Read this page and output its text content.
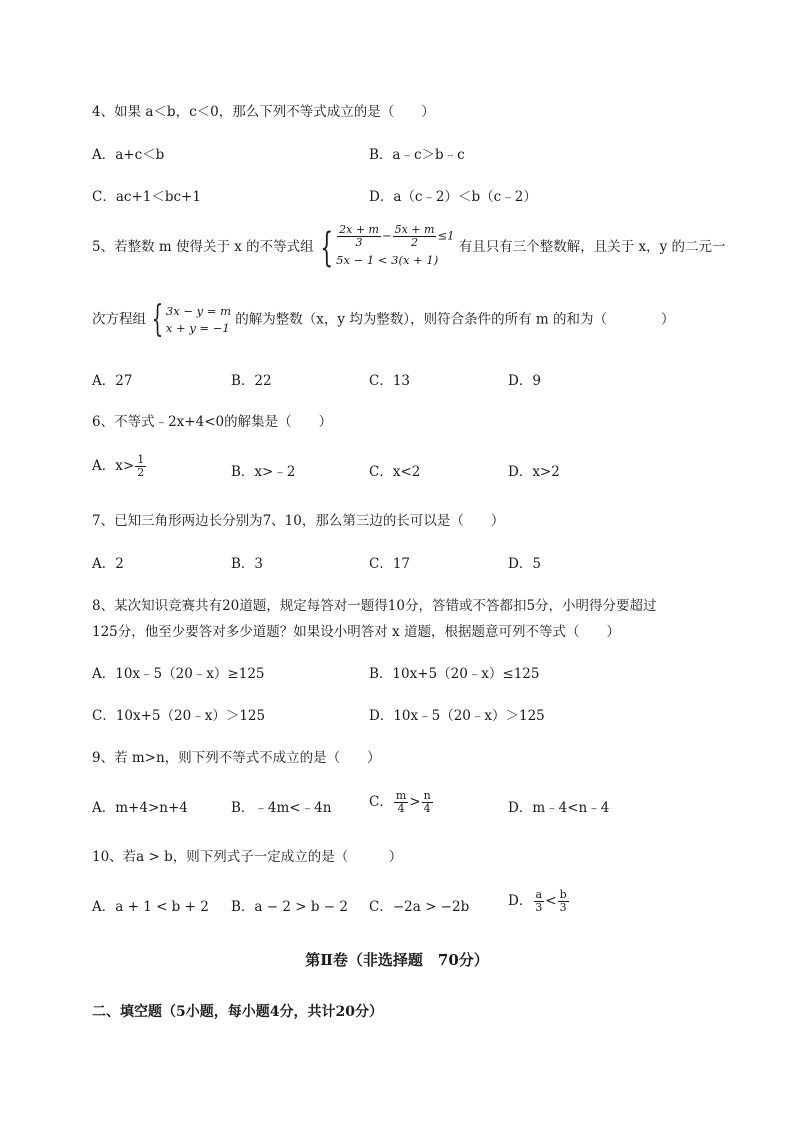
4、如果 a＜b，c＜0，那么下列不等式成立的是（　　）
A．a+c＜b	B．a﹣c＞b﹣c
C．ac+1＜bc+1	D．a（c﹣2）＜b（c﹣2）
5、若整数 m 使得关于 x 的不等式组 { $\frac{2x + m}{3} - \frac{5x + m}{2} \le 1$
5x − 1 < 3(x + 1)
有且只有三个整数解，且关于 x，y 的二元一
次方程组 { 3x − y = m
x + y = −1
的解为整数（x，y 均为整数），则符合条件的所有 m 的和为（　　　　）
A．27	B．22	C．13	D．9
6、不等式﹣2x+4<0的解集是（　　）
A．$x> \frac{1}{2}$	B．x>﹣2	C．x<2	D．x>2
7、已知三角形两边长分别为7、10，那么第三边的长可以是（　　）
A．2	B．3	C．17	D．5
8、某次知识竞赛共有20道题，规定每答对一题得10分，答错或不答都扣5分，小明得分要超过
125分，他至少要答对多少道题？如果设小明答对 x 道题，根据题意可列不等式（　　）
A．10x﹣5（20﹣x）≥125	B．10x+5（20﹣x）≤125
C．10x+5（20﹣x）＞125	D．10x﹣5（20﹣x）＞125
9、若 m>n，则下列不等式不成立的是（　　）
A．m+4>n+4	B．﹣4m<﹣4n	C． $\frac{m}{4} > \frac{n}{4}$	D．m﹣4<n﹣4
10、若a > b，则下列式子一定成立的是（　　　）
A．a + 1 < b + 2 B．a − 2 > b − 2 C．−2a > −2b	D． $\frac{a}{3} < \frac{b}{3}$
第Ⅱ卷（非选择题　70分）
二、填空题（5小题，每小题4分，共计20分）
